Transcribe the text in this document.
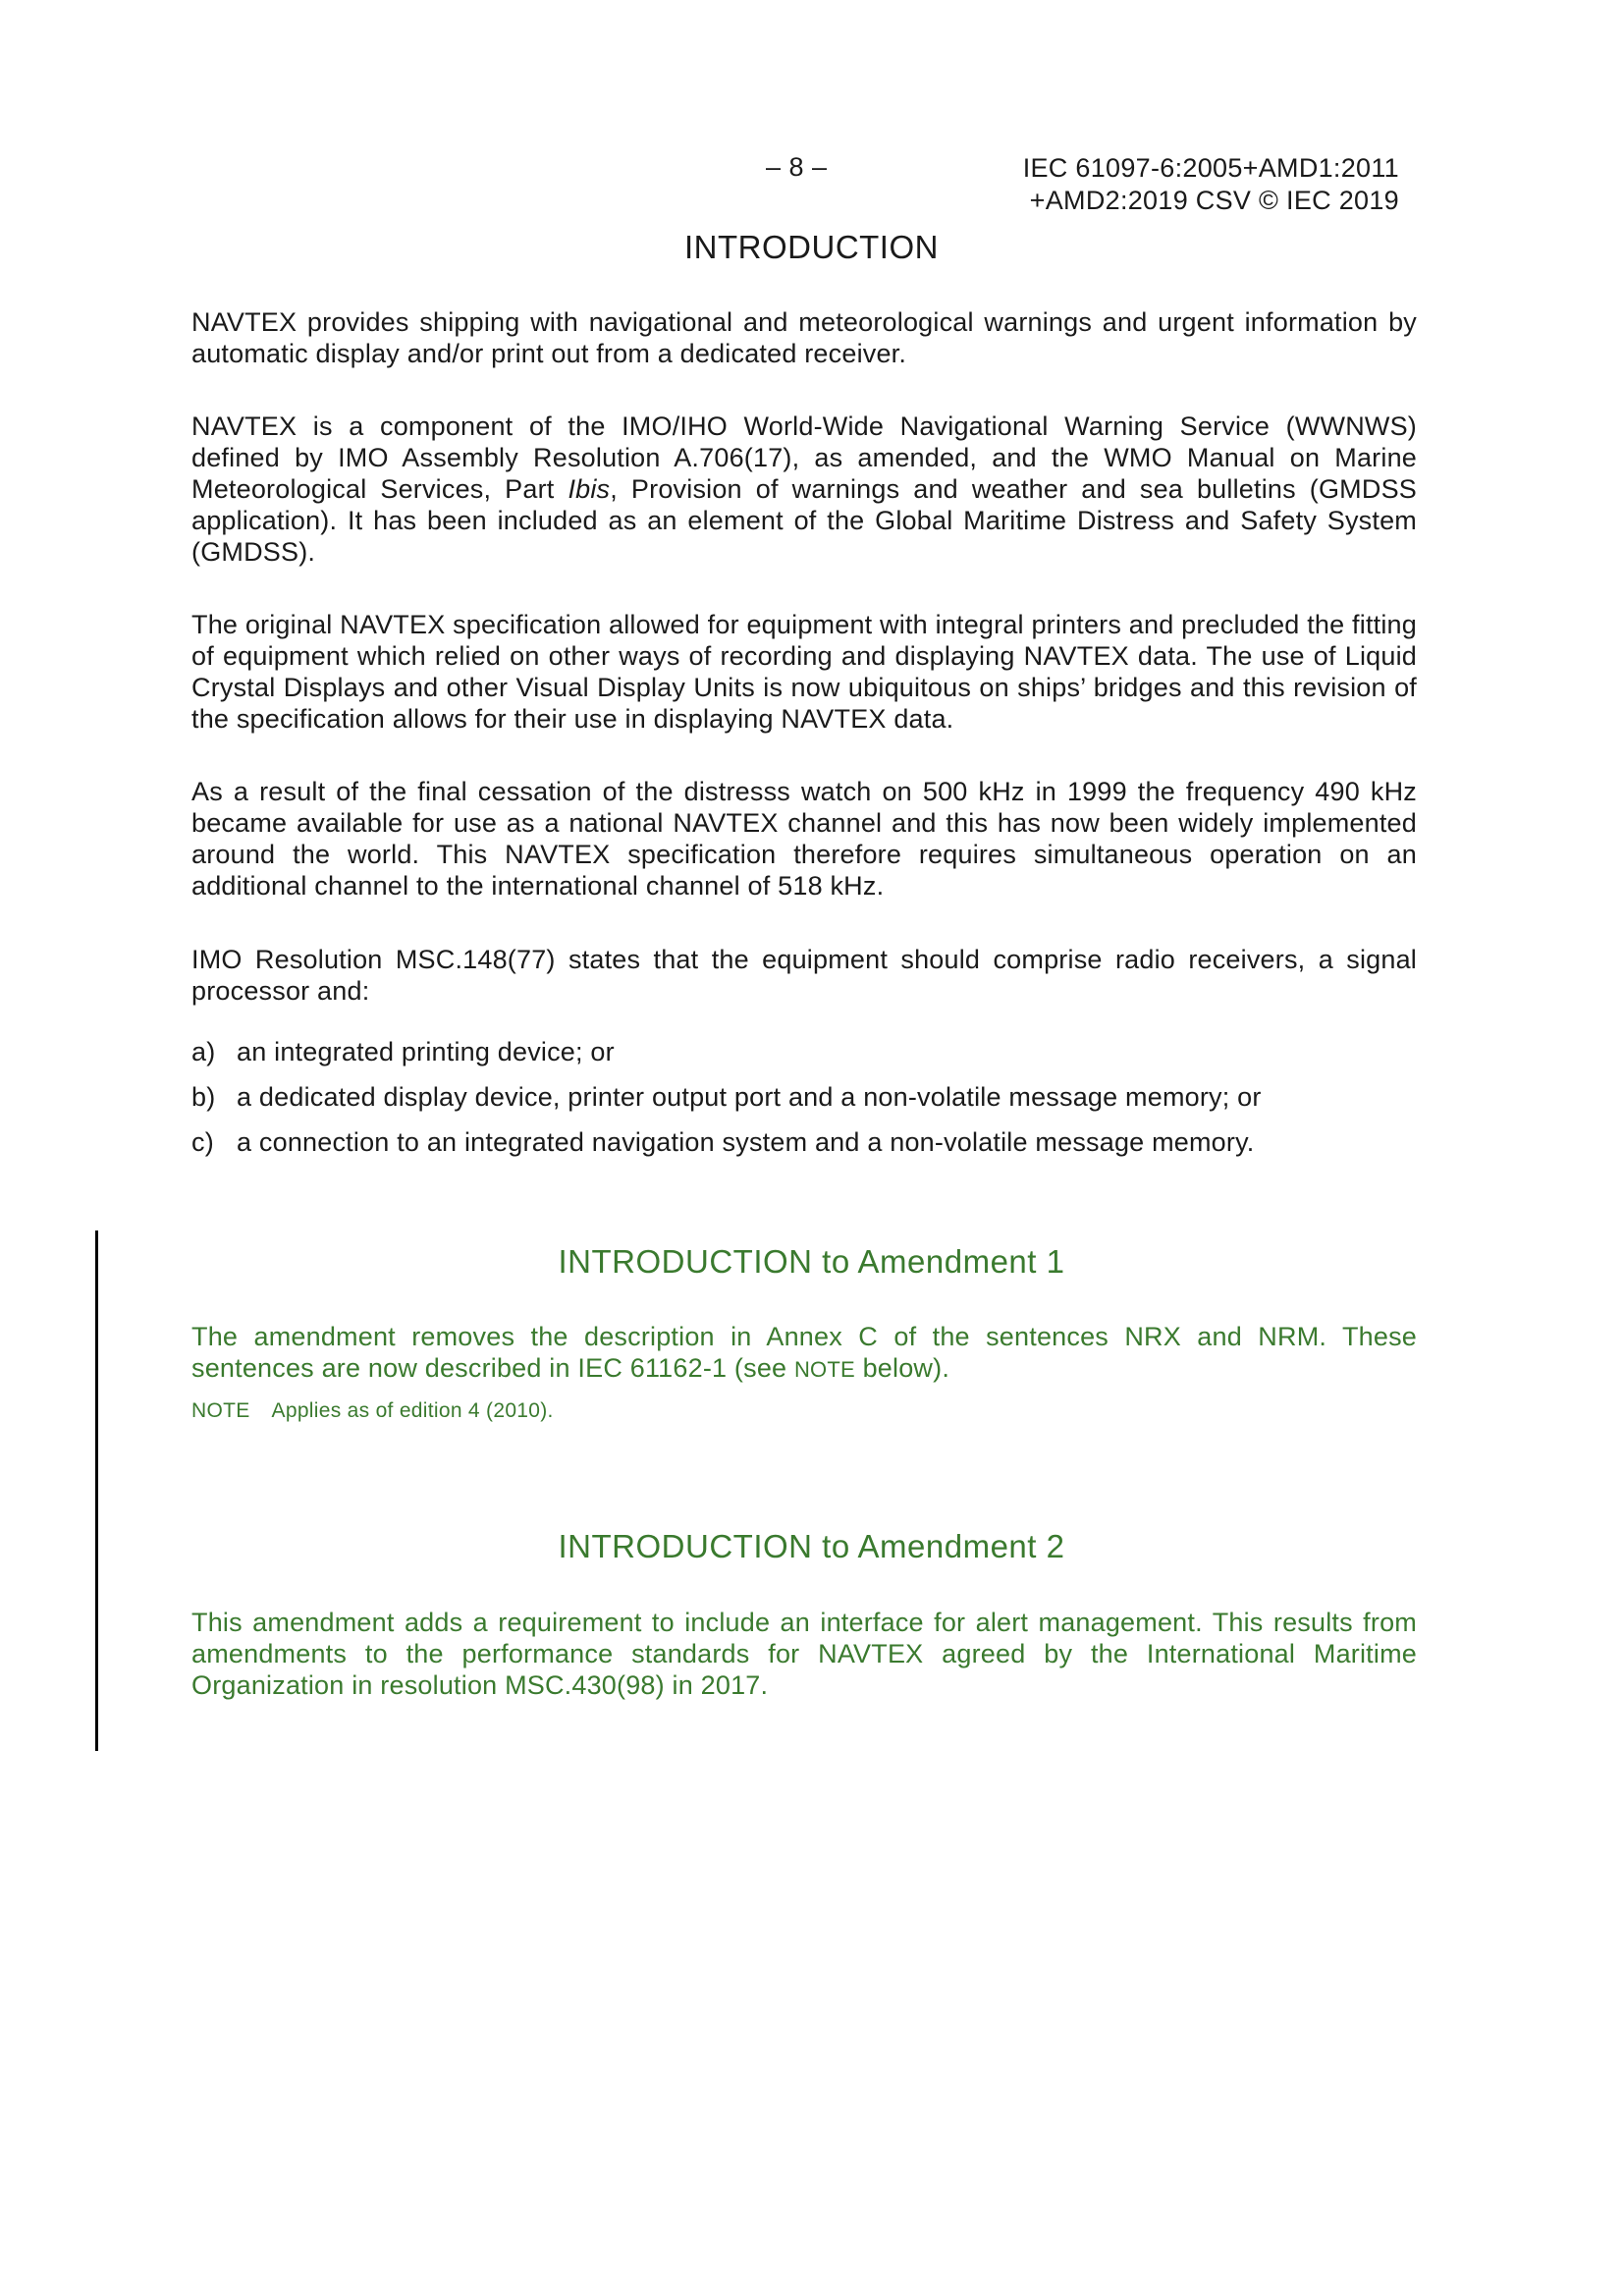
– 8 –	IEC 61097-6:2005+AMD1:2011
+AMD2:2019 CSV © IEC 2019
INTRODUCTION

NAVTEX provides shipping with navigational and meteorological warnings and urgent information by automatic display and/or print out from a dedicated receiver.

NAVTEX is a component of the IMO/IHO World-Wide Navigational Warning Service (WWNWS) defined by IMO Assembly Resolution A.706(17), as amended, and the WMO Manual on Marine Meteorological Services, Part Ibis, Provision of warnings and weather and sea bulletins (GMDSS application). It has been included as an element of the Global Maritime Distress and Safety System (GMDSS).

The original NAVTEX specification allowed for equipment with integral printers and precluded the fitting of equipment which relied on other ways of recording and displaying NAVTEX data. The use of Liquid Crystal Displays and other Visual Display Units is now ubiquitous on ships’ bridges and this revision of the specification allows for their use in displaying NAVTEX data.

As a result of the final cessation of the distresss watch on 500 kHz in 1999 the frequency 490 kHz became available for use as a national NAVTEX channel and this has now been widely implemented around the world. This NAVTEX specification therefore requires simultaneous operation on an additional channel to the international channel of 518 kHz.

IMO Resolution MSC.148(77) states that the equipment should comprise radio receivers, a signal processor and:

a) an integrated printing device; or
b) a dedicated display device, printer output port and a non-volatile message memory; or
c) a connection to an integrated navigation system and a non-volatile message memory.
INTRODUCTION to Amendment 1

The amendment removes the description in Annex C of the sentences NRX and NRM. These sentences are now described in IEC 61162-1 (see NOTE below).

NOTE Applies as of edition 4 (2010).
INTRODUCTION to Amendment 2

This amendment adds a requirement to include an interface for alert management. This results from amendments to the performance standards for NAVTEX agreed by the International Maritime Organization in resolution MSC.430(98) in 2017.
